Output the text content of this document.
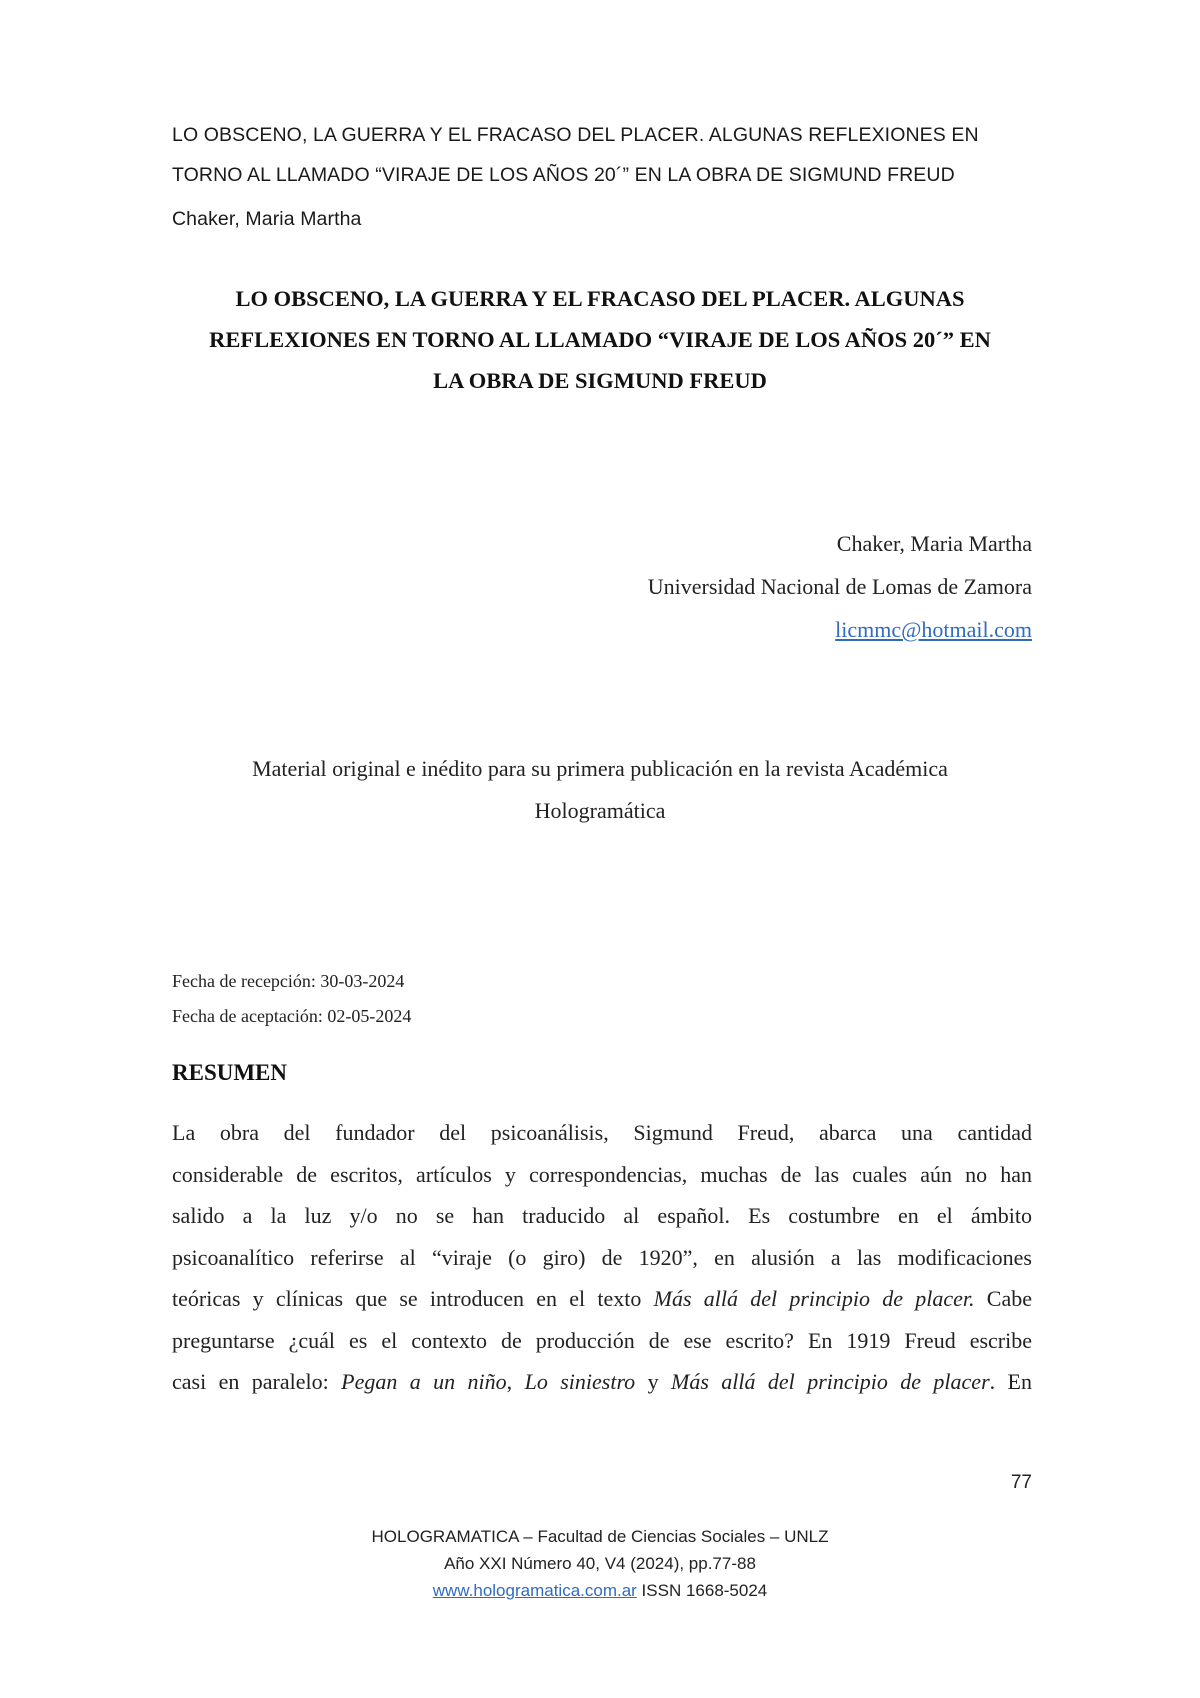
LO OBSCENO, LA GUERRA Y EL FRACASO DEL PLACER. ALGUNAS REFLEXIONES EN
TORNO AL LLAMADO “VIRAJE DE LOS AÑOS 20´” EN LA OBRA DE SIGMUND FREUD
Chaker, Maria Martha
LO OBSCENO, LA GUERRA Y EL FRACASO DEL PLACER. ALGUNAS
REFLEXIONES EN TORNO AL LLAMADO “VIRAJE DE LOS AÑOS 20´” EN
LA OBRA DE SIGMUND FREUD
Chaker, Maria Martha
Universidad Nacional de Lomas de Zamora
licmmc@hotmail.com
Material original e inédito para su primera publicación en la revista Académica
Hologramática
Fecha de recepción: 30-03-2024
Fecha de aceptación: 02-05-2024
RESUMEN
La obra del fundador del psicoanálisis, Sigmund Freud, abarca una cantidad
considerable de escritos, artículos y correspondencias, muchas de las cuales aún no han
salido a la luz y/o no se han traducido al español. Es costumbre en el ámbito
psicoanalítico referirse al “viraje (o giro) de 1920”, en alusión a las modificaciones
teóricas y clínicas que se introducen en el texto Más allá del principio de placer. Cabe
preguntarse ¿cuál es el contexto de producción de ese escrito? En 1919 Freud escribe
casi en paralelo: Pegan a un niño, Lo siniestro y Más allá del principio de placer. En
77
HOLOGRAMATICA – Facultad de Ciencias Sociales – UNLZ
Año XXI Número 40, V4 (2024), pp.77-88
www.hologramatica.com.ar ISSN 1668-5024
